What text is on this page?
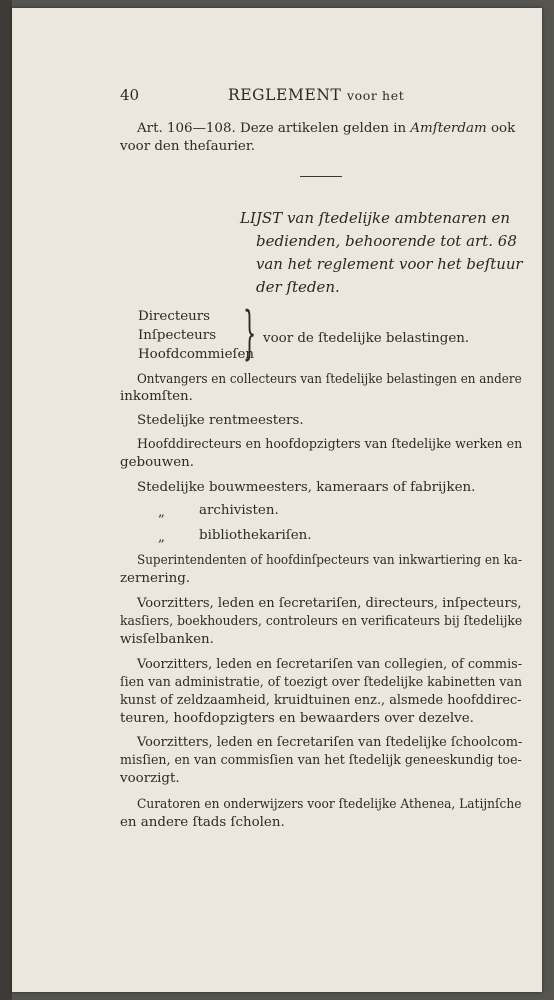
40	REGLEMENT voor het
Art. 106—108. Deze artikelen gelden in Amſterdam ook
voor den theſaurier.
LIJST van ſtedelijke ambtenaren en
bedienden, behoorende tot art. 68
van het reglement voor het beſtuur
der ſteden.
Directeurs
Inſpecteurs
Hoofdcommieſen
} voor de ſtedelijke belastingen.
Ontvangers en collecteurs van ſtedelijke belastingen en andere
inkomſten.
Stedelijke rentmeesters.
Hoofddirecteurs en hoofdopzigters van ſtedelijke werken en
gebouwen.
Stedelijke bouwmeesters, kameraars of fabrijken.
„	archivisten.
„	bibliothekariſen.
Superintendenten of hoofdinſpecteurs van inkwartiering en ka-
zernering.
Voorzitters, leden en ſecretariſen, directeurs, inſpecteurs,
kasſiers, boekhouders, controleurs en verificateurs bij ſtedelijke
wisſelbanken.
Voorzitters, leden en ſecretariſen van collegien, of commis-
ſien van administratie, of toezigt over ſtedelijke kabinetten van
kunst of zeldzaamheid, kruidtuinen enz., alsmede hoofddirec-
teuren, hoofdopzigters en bewaarders over dezelve.
Voorzitters, leden en ſecretariſen van ſtedelijke ſchoolcom-
misſien, en van commisſien van het ſtedelijk geneeskundig toe-
voorzigt.
Curatoren en onderwijzers voor ſtedelijke Athenea, Latijnſche
en andere ſtads ſcholen.
